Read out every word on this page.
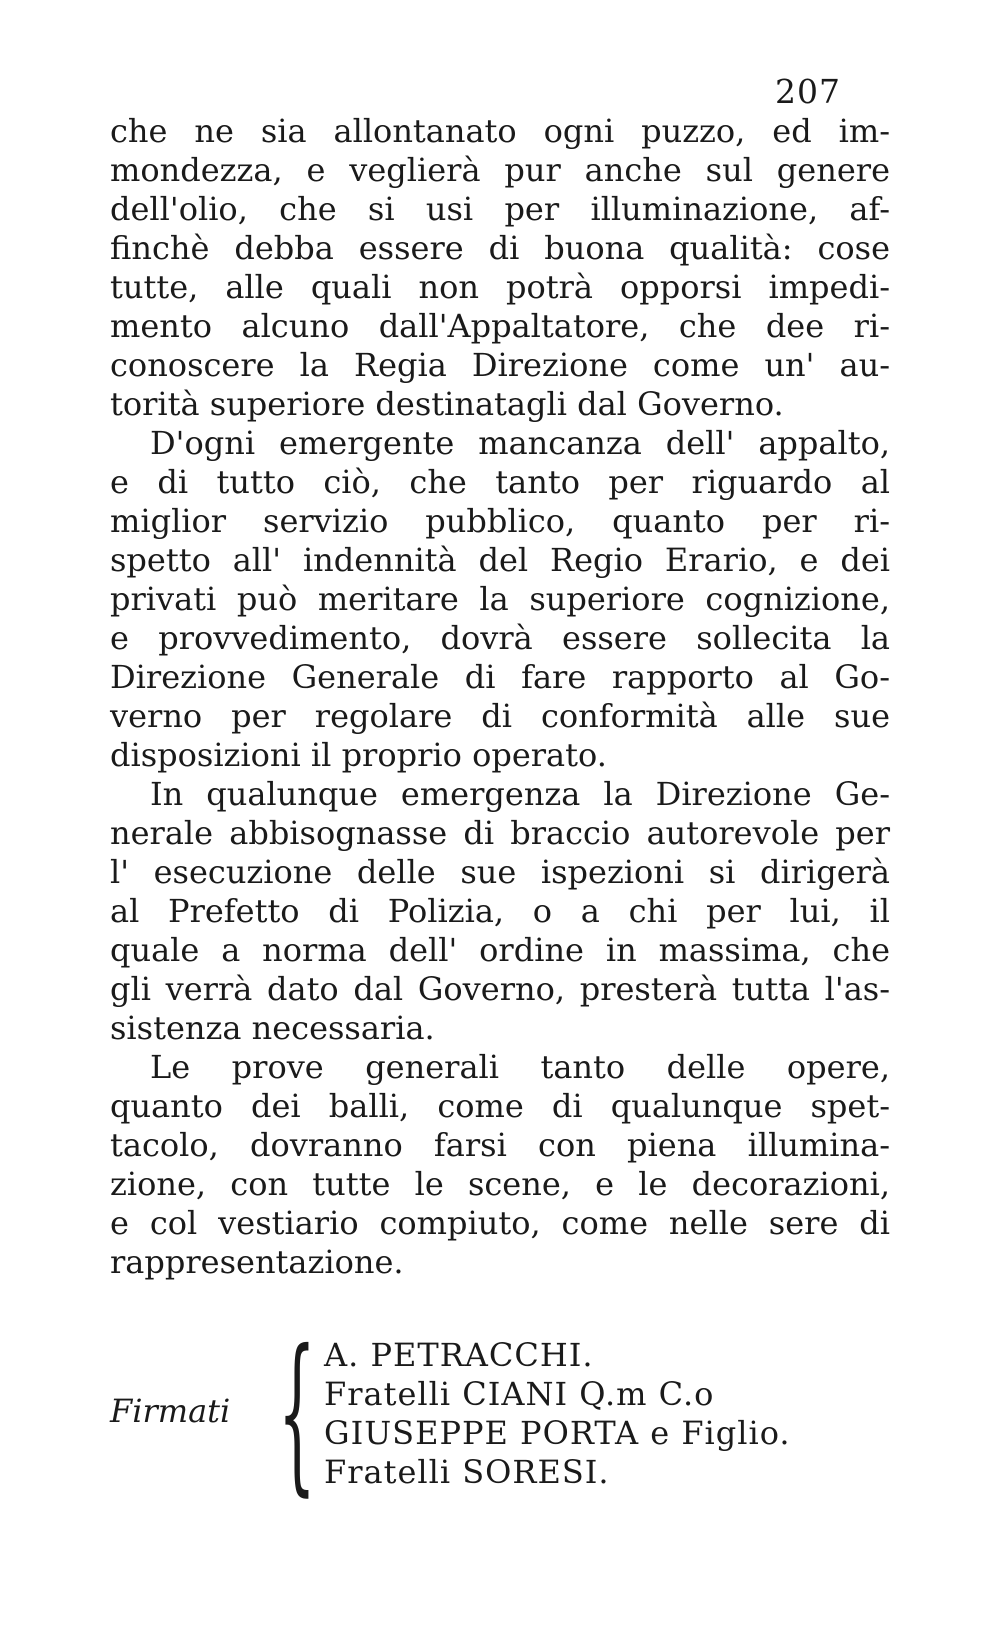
207
che ne sia allontanato ogni puzzo, ed im-
mondezza, e veglierà pur anche sul genere
dell'olio, che si usi per illuminazione, af-
finchè debba essere di buona qualità: cose
tutte, alle quali non potrà opporsi impedi-
mento alcuno dall'Appaltatore, che dee ri-
conoscere la Regia Direzione come un' au-
torità superiore destinatagli dal Governo.
D'ogni emergente mancanza dell' appalto,
e di tutto ciò, che tanto per riguardo al
miglior servizio pubblico, quanto per ri-
spetto all' indennità del Regio Erario, e dei
privati può meritare la superiore cognizione,
e provvedimento, dovrà essere sollecita la
Direzione Generale di fare rapporto al Go-
verno per regolare di conformità alle sue
disposizioni il proprio operato.
In qualunque emergenza la Direzione Ge-
nerale abbisognasse di braccio autorevole per
l' esecuzione delle sue ispezioni si dirigerà
al Prefetto di Polizia, o a chi per lui, il
quale a norma dell' ordine in massima, che
gli verrà dato dal Governo, presterà tutta l'as-
sistenza necessaria.
Le prove generali tanto delle opere,
quanto dei balli, come di qualunque spet-
tacolo, dovranno farsi con piena illumina-
zione, con tutte le scene, e le decorazioni,
e col vestiario compiuto, come nelle sere di
rappresentazione.
Firmati { A. PETRACCHI.
Fratelli CIANI Q.m C.o
GIUSEPPE PORTA e Figlio.
Fratelli SORESI.
